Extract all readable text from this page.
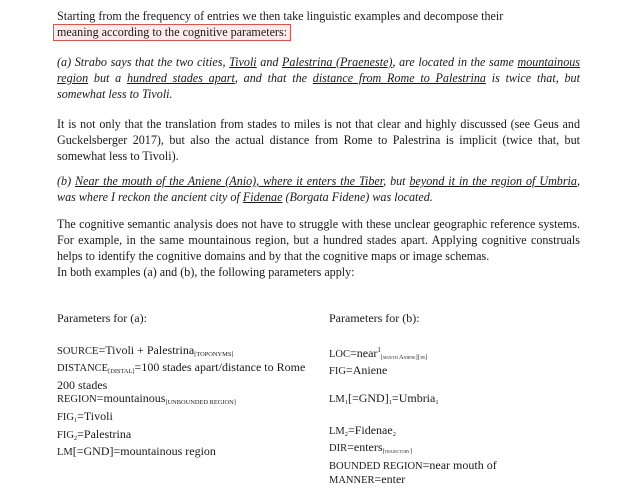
Starting from the frequency of entries we then take linguistic examples and decompose their
meaning according to the cognitive parameters:

(a) Strabo says that the two cities, Tivoli and Palestrina (Praeneste), are located in the same mountainous region but a hundred stades apart, and that the distance from Rome to Palestrina is twice that, but somewhat less to Tivoli.

It is not only that the translation from stades to miles is not that clear and highly discussed (see Geus and Guckelsberger 2017), but also the actual distance from Rome to Palestrina is implicit (twice that, but somewhat less to Tivoli).

(b) Near the mouth of the Aniene (Anio), where it enters the Tiber, but beyond it in the region of Umbria, was where I reckon the ancient city of Fidenae (Borgata Fidene) was located.

The cognitive semantic analysis does not have to struggle with these unclear geographic reference systems. For example, in the same mountainous region, but a hundred stades apart. Applying cognitive construals helps to identify the cognitive domains and by that the cognitive maps or image schemas.
In both examples (a) and (b), the following parameters apply:

Parameters for (a):
SOURCE=Tivoli + Palestrina$_{[TOPONYMS]}$
$DISTANCE_{[DISTAL]}=100$ stades apart/distance to Rome
200 stades
REGION=mountainous$_{[UNBOUNDED REGION]}$
$FIG_1=Tivoli$
$FIG_2=Palestrina$
LM[=GND]=mountainous region
Parameters for (b):
LOC=near$^1_{[mouth Aniene][tr]}$
FIG=Aniene
$LM_1[=GND]_1=Umbria_1$
$LM_2=Fidenae_2$
DIR=enters$_{[trajectory]}$
BOUNDED REGION=near mouth of
MANNER=enter
